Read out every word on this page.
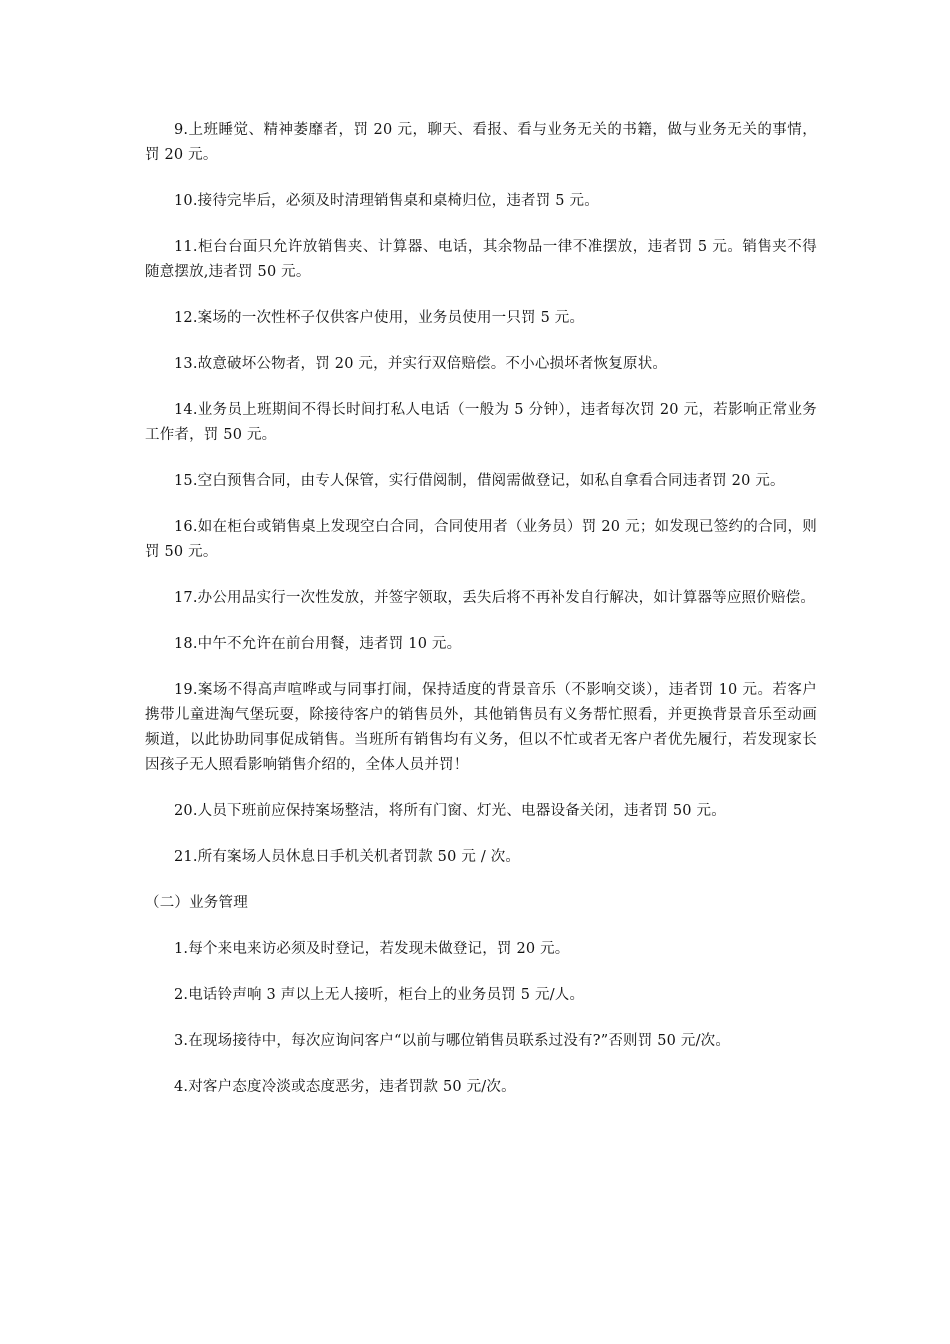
9.上班睡觉、精神萎靡者，罚 20 元，聊天、看报、看与业务无关的书籍，做与业务无关的事情，罚 20 元。

10.接待完毕后，必须及时清理销售桌和桌椅归位，违者罚 5 元。

11.柜台台面只允许放销售夹、计算器、电话，其余物品一律不准摆放，违者罚 5 元。销售夹不得随意摆放,违者罚 50 元。

12.案场的一次性杯子仅供客户使用，业务员使用一只罚 5 元。

13.故意破坏公物者，罚 20 元，并实行双倍赔偿。不小心损坏者恢复原状。

14.业务员上班期间不得长时间打私人电话（一般为 5 分钟），违者每次罚 20 元，若影响正常业务工作者，罚 50 元。

15.空白预售合同，由专人保管，实行借阅制，借阅需做登记，如私自拿看合同违者罚 20 元。

16.如在柜台或销售桌上发现空白合同，合同使用者（业务员）罚 20 元；如发现已签约的合同，则罚 50 元。

17.办公用品实行一次性发放，并签字领取，丢失后将不再补发自行解决，如计算器等应照价赔偿。

18.中午不允许在前台用餐，违者罚 10 元。

19.案场不得高声喧哗或与同事打闹，保持适度的背景音乐（不影响交谈），违者罚 10 元。若客户携带儿童进淘气堡玩耍，除接待客户的销售员外，其他销售员有义务帮忙照看，并更换背景音乐至动画频道，以此协助同事促成销售。当班所有销售均有义务，但以不忙或者无客户者优先履行，若发现家长因孩子无人照看影响销售介绍的，全体人员并罚！

20.人员下班前应保持案场整洁，将所有门窗、灯光、电器设备关闭，违者罚 50 元。

21.所有案场人员休息日手机关机者罚款 50 元 / 次。

（二）业务管理

1.每个来电来访必须及时登记，若发现未做登记，罚 20 元。

2.电话铃声响 3 声以上无人接听，柜台上的业务员罚 5 元/人。

3.在现场接待中，每次应询问客户“以前与哪位销售员联系过没有?”否则罚 50 元/次。

4.对客户态度冷淡或态度恶劣，违者罚款 50 元/次。
